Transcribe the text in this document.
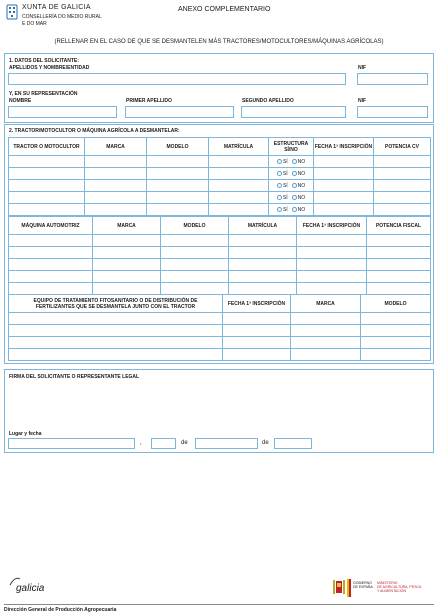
XUNTA DE GALICIA
CONSELLERÍA DO MEDIO RURAL
E DO MAR
ANEXO COMPLEMENTARIO
(RELLENAR EN EL CASO DE QUE SE DESMANTELEN MÁS TRACTORES/MOTOCULTORES/MÁQUINAS AGRÍCOLAS)
1. DATOS DEL SOLICITANTE:
APELLIDOS Y NOMBRE/ENTIDAD	NIF
Y, EN SU REPRESENTACIÓN
NOMBRE	PRIMER APELLIDO	SEGUNDO APELLIDO	NIF
2. TRACTOR/MOTOCULTOR O MÁQUINA AGRÍCOLA A DESMANTELAR:
TRACTOR O MOTOCULTOR	MARCA	MODELO	MATRÍCULA	ESTRUCTURA SÍ/NO	FECHA 1ª INSCRIPCIÓN	POTENCIA CV
				SÍ NO		
				SÍ NO		
				SÍ NO		
				SÍ NO		
				SÍ NO		
MÁQUINA AUTOMOTRIZ	MARCA	MODELO	MATRÍCULA	FECHA 1ª INSCRIPCIÓN	POTENCIA FISCAL

EQUIPO DE TRATAMIENTO FITOSANITARIO O DE DISTRIBUCIÓN DE FERTILIZANTES QUE SE DESMANTELA JUNTO CON EL TRACTOR	FECHA 1ª INSCRIPCIÓN	MARCA	MODELO

FIRMA DEL SOLICITANTE O REPRESENTANTE LEGAL
Lugar y fecha
,	de	de
galicia	GOBIERNO
DE ESPAÑA
MINISTERIO
DE AGRICULTURA, PESCA
Y ALIMENTACIÓN
Dirección General de Producción Agropecuaria
